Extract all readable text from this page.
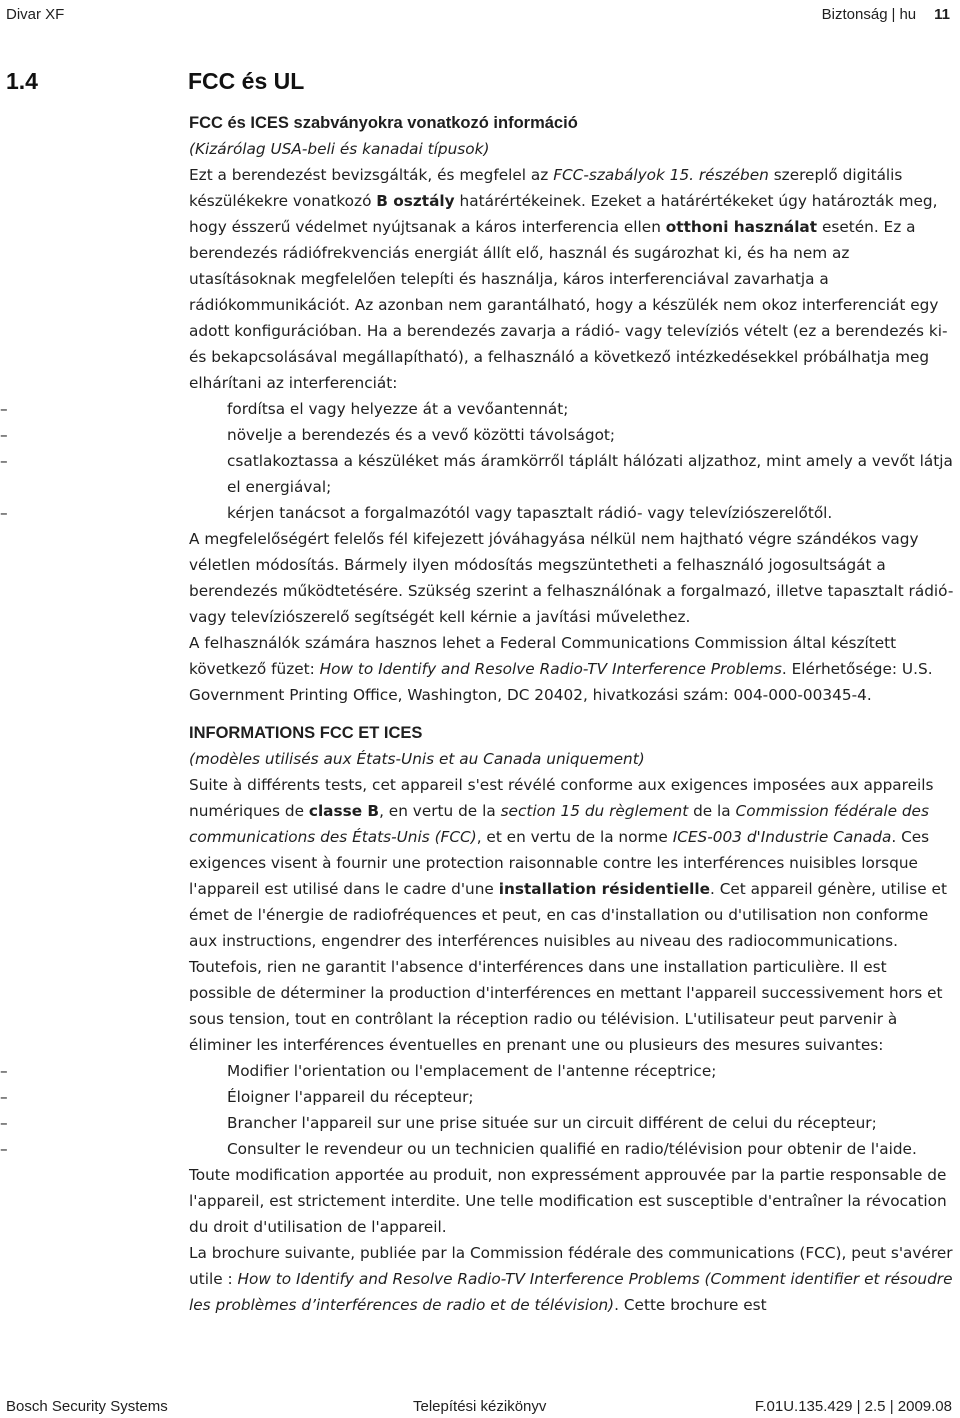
Divar XF	Biztonság | hu 11
1.4	FCC és UL

FCC és ICES szabványokra vonatkozó információ

(Kizárólag USA-beli és kanadai típusok)

Ezt a berendezést bevizsgálták, és megfelel az FCC-szabályok 15. részében szereplő digitális készülékekre vonatkozó B osztály határértékeinek. Ezeket a határértékeket úgy határozták meg, hogy ésszerű védelmet nyújtsanak a káros interferencia ellen otthoni használat esetén. Ez a berendezés rádiófrekvenciás energiát állít elő, használ és sugározhat ki, és ha nem az utasításoknak megfelelően telepíti és használja, káros interferenciával zavarhatja a rádiókommunikációt. Az azonban nem garantálható, hogy a készülék nem okoz interferenciát egy adott konfigurációban. Ha a berendezés zavarja a rádió- vagy televíziós vételt (ez a berendezés ki- és bekapcsolásával megállapítható), a felhasználó a következő intézkedésekkel próbálhatja meg elhárítani az interferenciát:

– fordítsa el vagy helyezze át a vevőantennát;
– növelje a berendezés és a vevő közötti távolságot;
– csatlakoztassa a készüléket más áramkörről táplált hálózati aljzathoz, mint amely a vevőt látja el energiával;
– kérjen tanácsot a forgalmazótól vagy tapasztalt rádió- vagy televíziószerelőtől.

A megfelelőségért felelős fél kifejezett jóváhagyása nélkül nem hajtható végre szándékos vagy véletlen módosítás. Bármely ilyen módosítás megszüntetheti a felhasználó jogosultságát a berendezés működtetésére. Szükség szerint a felhasználónak a forgalmazó, illetve tapasztalt rádió- vagy televíziószerelő segítségét kell kérnie a javítási művelethez.

A felhasználók számára hasznos lehet a Federal Communications Commission által készített következő füzet: How to Identify and Resolve Radio-TV Interference Problems. Elérhetősége: U.S. Government Printing Office, Washington, DC 20402, hivatkozási szám: 004-000-00345-4.

INFORMATIONS FCC ET ICES

(modèles utilisés aux États-Unis et au Canada uniquement)

Suite à différents tests, cet appareil s'est révélé conforme aux exigences imposées aux appareils numériques de classe B, en vertu de la section 15 du règlement de la Commission fédérale des communications des États-Unis (FCC), et en vertu de la norme ICES-003 d'Industrie Canada. Ces exigences visent à fournir une protection raisonnable contre les interférences nuisibles lorsque l'appareil est utilisé dans le cadre d'une installation résidentielle. Cet appareil génère, utilise et émet de l'énergie de radiofréquences et peut, en cas d'installation ou d'utilisation non conforme aux instructions, engendrer des interférences nuisibles au niveau des radiocommunications. Toutefois, rien ne garantit l'absence d'interférences dans une installation particulière. Il est possible de déterminer la production d'interférences en mettant l'appareil successivement hors et sous tension, tout en contrôlant la réception radio ou télévision. L'utilisateur peut parvenir à éliminer les interférences éventuelles en prenant une ou plusieurs des mesures suivantes:

– Modifier l'orientation ou l'emplacement de l'antenne réceptrice;
– Éloigner l'appareil du récepteur;
– Brancher l'appareil sur une prise située sur un circuit différent de celui du récepteur;
– Consulter le revendeur ou un technicien qualifié en radio/télévision pour obtenir de l'aide.

Toute modification apportée au produit, non expressément approuvée par la partie responsable de l'appareil, est strictement interdite. Une telle modification est susceptible d'entraîner la révocation du droit d'utilisation de l'appareil.

La brochure suivante, publiée par la Commission fédérale des communications (FCC), peut s'avérer utile : How to Identify and Resolve Radio-TV Interference Problems (Comment identifier et résoudre les problèmes d’interférences de radio et de télévision). Cette brochure est

Bosch Security Systems	Telepítési kézikönyv	F.01U.135.429 | 2.5 | 2009.08
